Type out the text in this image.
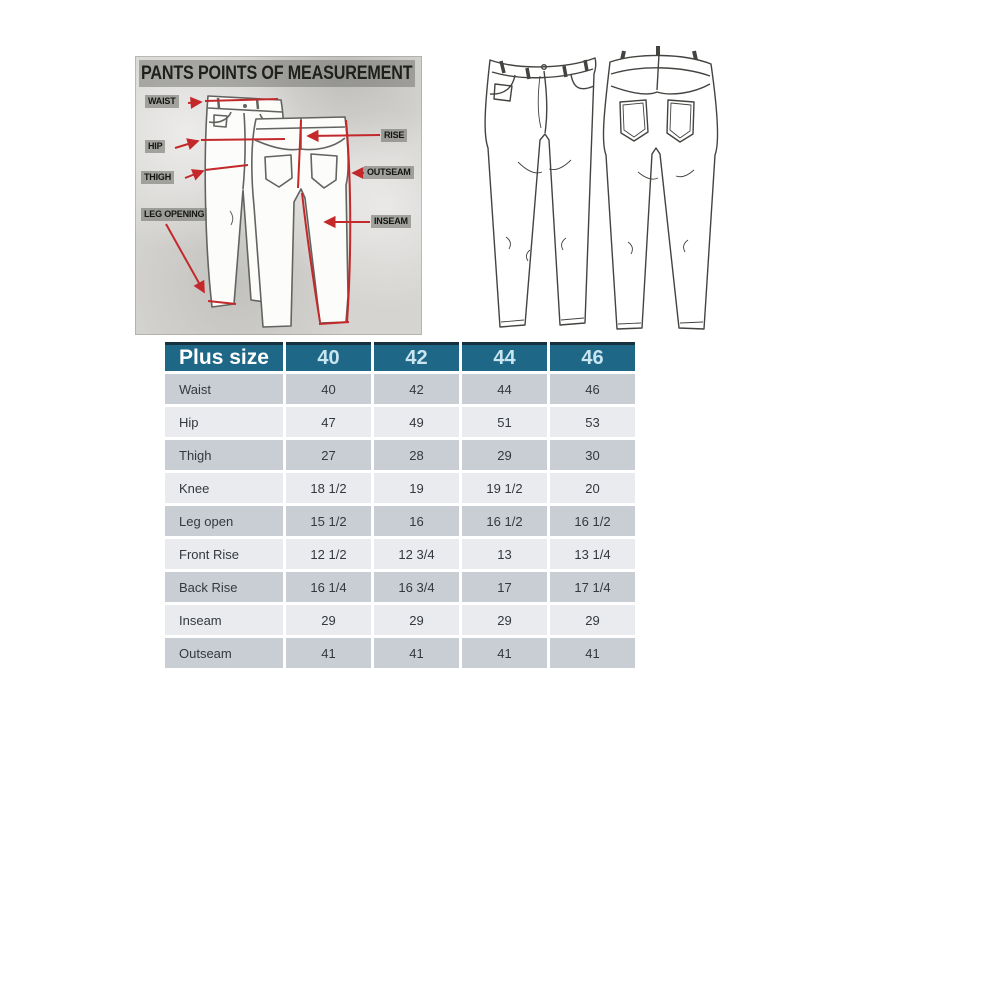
PANTS POINTS OF MEASUREMENT
WAIST
HIP
THIGH
LEG OPENING
RISE
OUTSEAM
INSEAM
Plus size	40	42	44	46
Waist	40	42	44	46
Hip	47	49	51	53
Thigh	27	28	29	30
Knee	18 1/2	19	19 1/2	20
Leg open	15 1/2	16	16 1/2	16 1/2
Front Rise	12 1/2	12 3/4	13	13 1/4
Back Rise	16 1/4	16 3/4	17	17 1/4
Inseam	29	29	29	29
Outseam	41	41	41	41
